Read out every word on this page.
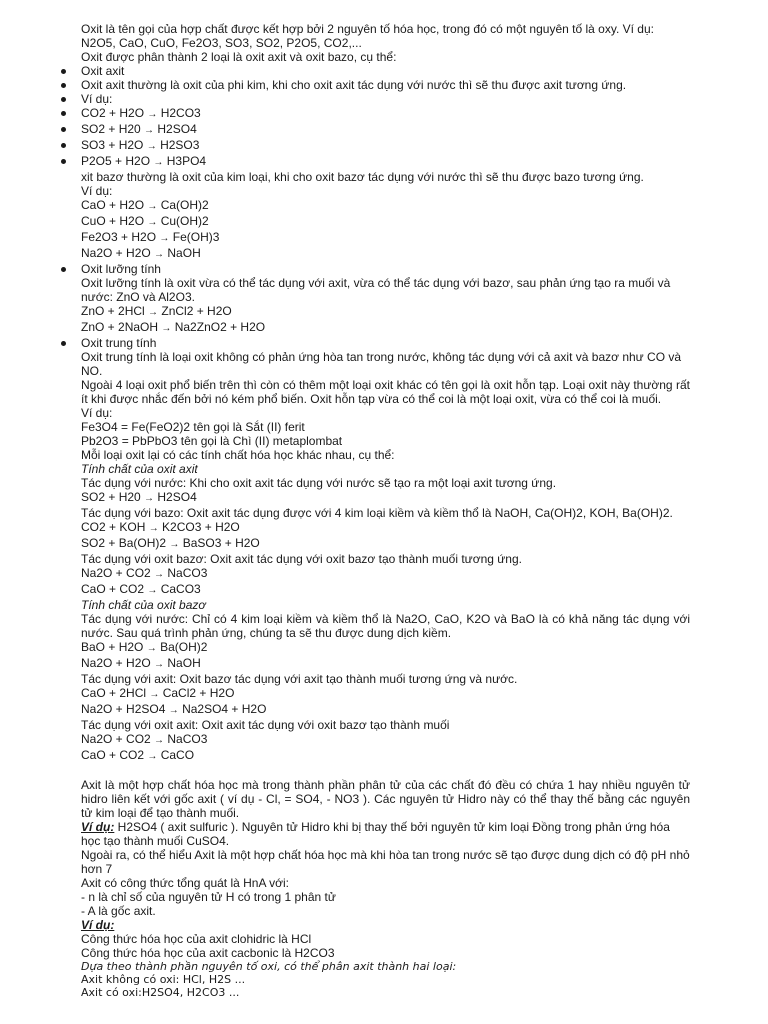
Oxit là tên gọi của hợp chất được kết hợp bởi 2 nguyên tố hóa học, trong đó có một nguyên tố là oxy. Ví dụ: N2O5, CaO, CuO, Fe2O3, SO3, SO2, P2O5, CO2,...

Oxit được phân thành 2 loại là oxit axit và oxit bazo, cụ thể:

Oxit axit

Oxit axit thường là oxit của phi kim, khi cho oxit axit tác dụng với nước thì sẽ thu được axit tương ứng.

Ví dụ:

CO2 + H2O → H2CO3

SO2 + H20 → H2SO4

SO3 + H2O → H2SO3

P2O5 + H2O → H3PO4

xit bazơ thường là oxit của kim loại, khi cho oxit bazơ tác dụng với nước thì sẽ thu được bazo tương ứng.

Ví dụ:

CaO + H2O → Ca(OH)2

CuO + H2O → Cu(OH)2

Fe2O3 + H2O → Fe(OH)3

Na2O + H2O → NaOH

Oxit lưỡng tính

Oxit lưỡng tính là oxit vừa có thể tác dụng với axit, vừa có thể tác dụng với bazơ, sau phản ứng tạo ra muối và nước: ZnO và Al2O3.

ZnO + 2HCl → ZnCl2 + H2O

ZnO + 2NaOH → Na2ZnO2 + H2O

Oxit trung tính

Oxit trung tính là loại oxit không có phản ứng hòa tan trong nước, không tác dụng với cả axit và bazơ như CO và NO.

Ngoài 4 loại oxit phổ biến trên thì còn có thêm một loại oxit khác có tên gọi là oxit hỗn tạp. Loại oxit này thường rất ít khi được nhắc đến bởi nó kém phổ biến. Oxit hỗn tạp vừa có thể coi là một loại oxit, vừa có thể coi là muối.

Ví dụ:

Fe3O4 = Fe(FeO2)2 tên gọi là Sắt (II) ferit

Pb2O3 = PbPbO3 tên gọi là Chì (II) metaplombat

Mỗi loại oxit lại có các tính chất hóa học khác nhau, cụ thể:

Tính chất của oxit axit

Tác dụng với nước: Khi cho oxit axit tác dụng với nước sẽ tạo ra một loại axit tương ứng.

SO2 + H20 → H2SO4

Tác dụng với bazo: Oxit axit tác dụng được với 4 kim loại kiềm và kiềm thổ là NaOH, Ca(OH)2, KOH, Ba(OH)2.

CO2 + KOH → K2CO3 + H2O

SO2 + Ba(OH)2 → BaSO3 + H2O

Tác dụng với oxit bazơ: Oxit axit tác dụng với oxit bazơ tạo thành muối tương ứng.

Na2O + CO2 → NaCO3

CaO + CO2 → CaCO3

Tính chất của oxit bazơ

Tác dụng với nước: Chỉ có 4 kim loại kiềm và kiềm thổ là Na2O, CaO, K2O và BaO là có khả năng tác dụng với nước. Sau quá trình phản ứng, chúng ta sẽ thu được dung dịch kiềm.

BaO + H2O → Ba(OH)2

Na2O + H2O → NaOH

Tác dụng với axit: Oxit bazơ tác dụng với axit tạo thành muối tương ứng và nước.

CaO + 2HCl → CaCl2 + H2O

Na2O + H2SO4 → Na2SO4 + H2O

Tác dụng với oxit axit: Oxit axit tác dụng với oxit bazơ tạo thành muối

Na2O + CO2 → NaCO3

CaO + CO2 → CaCO

Axit là một hợp chất hóa học mà trong thành phần phân tử của các chất đó đều có chứa 1 hay nhiều nguyên tử hidro liên kết với gốc axit ( ví dụ - Cl, = SO4, - NO3 ). Các nguyên tử Hidro này có thể thay thế bằng các nguyên tử kim loại để tạo thành muối.

Ví dụ: H2SO4 ( axit sulfuric ). Nguyên tử Hidro khi bị thay thế bởi nguyên tử kim loại Đồng trong phản ứng hóa học tạo thành muối CuSO4.

Ngoài ra, có thể hiểu Axit là một hợp chất hóa học mà khi hòa tan trong nước sẽ tạo được dung dịch có độ pH nhỏ hơn 7

Axit có công thức tổng quát là HnA với:

- n là chỉ số của nguyên tử H có trong 1 phân tử

- A là gốc axit.

Ví dụ:

Công thức hóa học của axit clohidric là HCl

Công thức hóa học của axit cacbonic là H2CO3

Dựa theo thành phần nguyên tố oxi, có thể phân axit thành hai loại:

Axit không có oxi: HCl, H2S ...

Axit có oxi:H2SO4, H2CO3 ...
